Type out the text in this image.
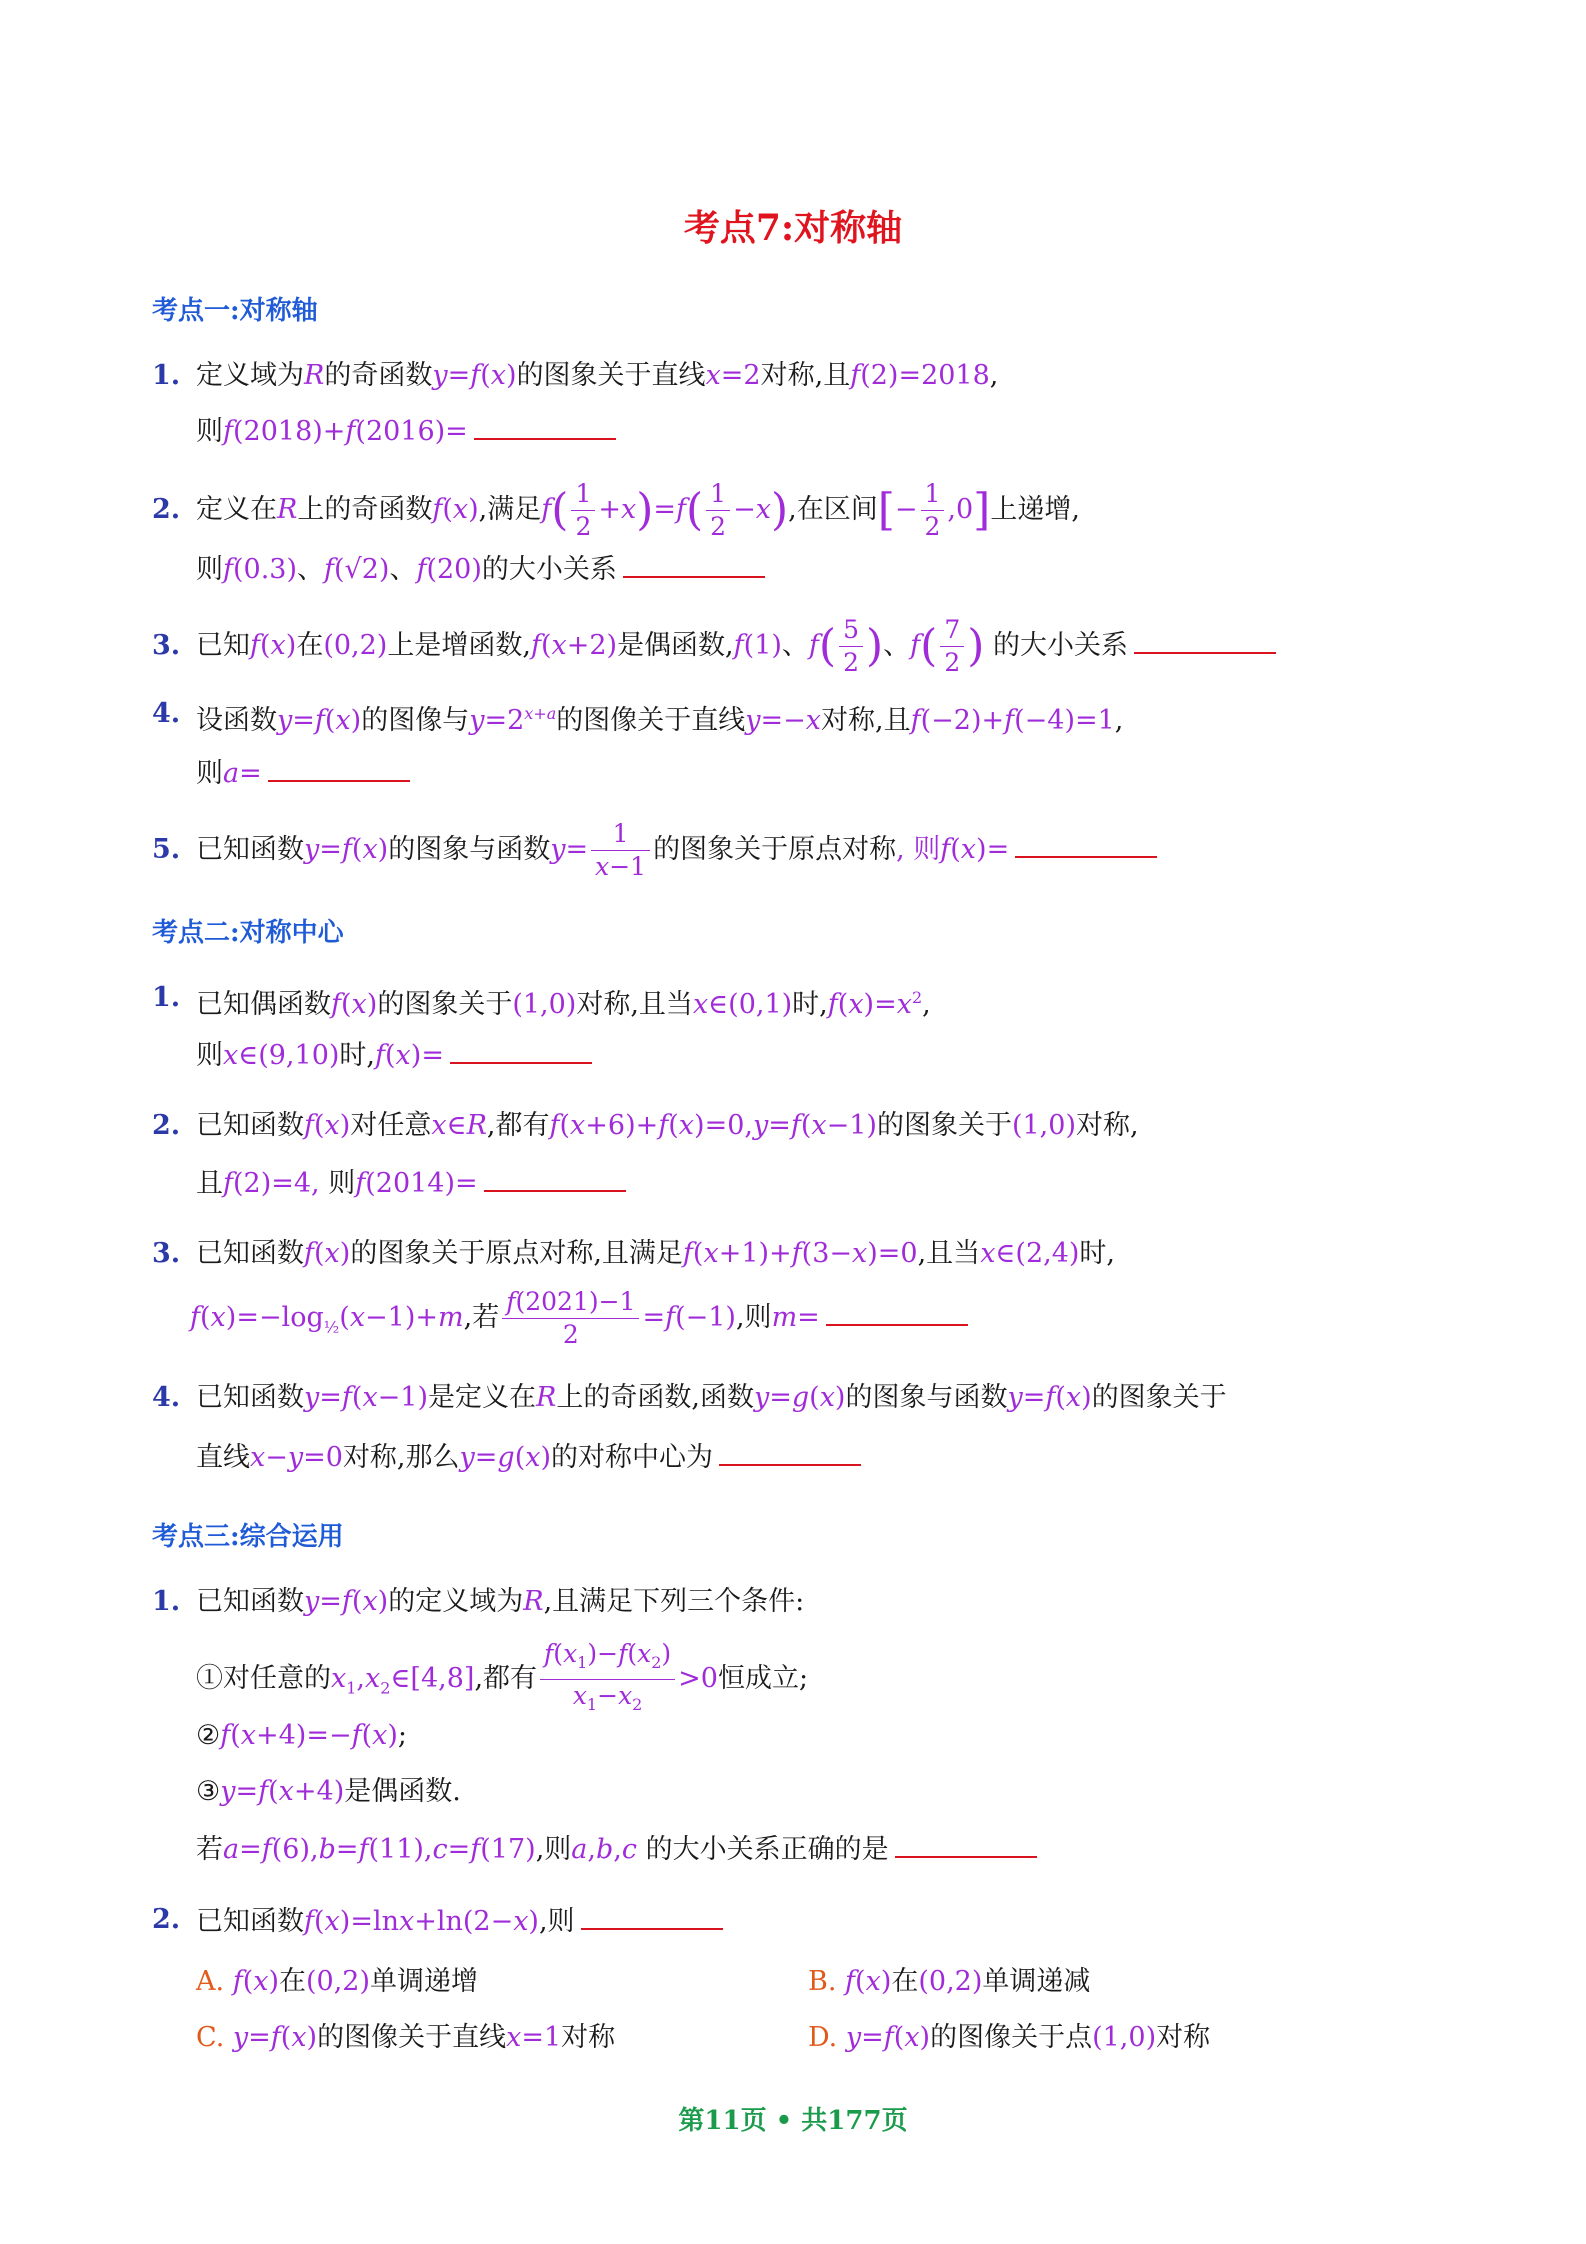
考点7:对称轴
考点一:对称轴
1. 定义域为R的奇函数y=f(x)的图象关于直线x=2对称,且f(2)=2018,
则f(2018)+f(2016)=
2. 定义在R上的奇函数f(x),满足$f( \frac{1}{2} +x)=f( \frac{1}{2} -x)$,在区间[− $\frac{1}{2} ,0$]上递增,
则f(0.3)、f(√2)、f(20)的大小关系
3. 已知f(x)在(0,2)上是增函数,f(x+2)是偶函数,f(1)、$f( \frac{5}{2}$ )、$f( \frac{7}{2}$ ) 的大小关系
4. 设函数y=f(x)的图像与$y=2^{x+a}$的图像关于直线y=−x对称,且f(−2)+f(−4)=1,
则a=
5. 已知函数y=f(x)的图象与函数$y= \frac{1}{x-1}$ 的图象关于原点对称, 则f(x)=
考点二:对称中心
1. 已知偶函数f(x)的图象关于(1,0)对称,且当x∈(0,1)时$,f(x)=x^2$,
则x∈(9,10)时,f(x)=
2. 已知函数f(x)对任意x∈R,都有f(x+6)+f(x)=0,y=f(x−1)的图象关于(1,0)对称,
且f(2)=4, 则f(2014)=
3. 已知函数f(x)的图象关于原点对称,且满足f(x+1)+f(3−x)=0,且当x∈(2,4)时,
$f(x)=-\log_{\frac{1}{2}}(x-1)+m$,若 $\frac{f(2021)-1}{2} =f(-1)$,则m=
4. 已知函数y=f(x−1)是定义在R上的奇函数,函数y=g(x)的图象与函数y=f(x)的图象关于
直线x−y=0对称,那么y=g(x)的对称中心为
考点三:综合运用
1. 已知函数y=f(x)的定义域为R,且满足下列三个条件:
①对任意的$x_1,x_2\in[4,8]$,都有 $\frac{f(x_1)-f(x_2)}{x_1-x_2} >0$恒成立;
②f(x+4)=−f(x);
③y=f(x+4)是偶函数.
若a=f(6),b=f(11),c=f(17),则a,b,c 的大小关系正确的是
2. 已知函数f(x)=lnx+ln(2−x),则
A. f(x)在(0,2)单调递增	B. f(x)在(0,2)单调递减
C. y=f(x)的图像关于直线x=1对称	D. y=f(x)的图像关于点(1,0)对称
第11页 • 共177页
